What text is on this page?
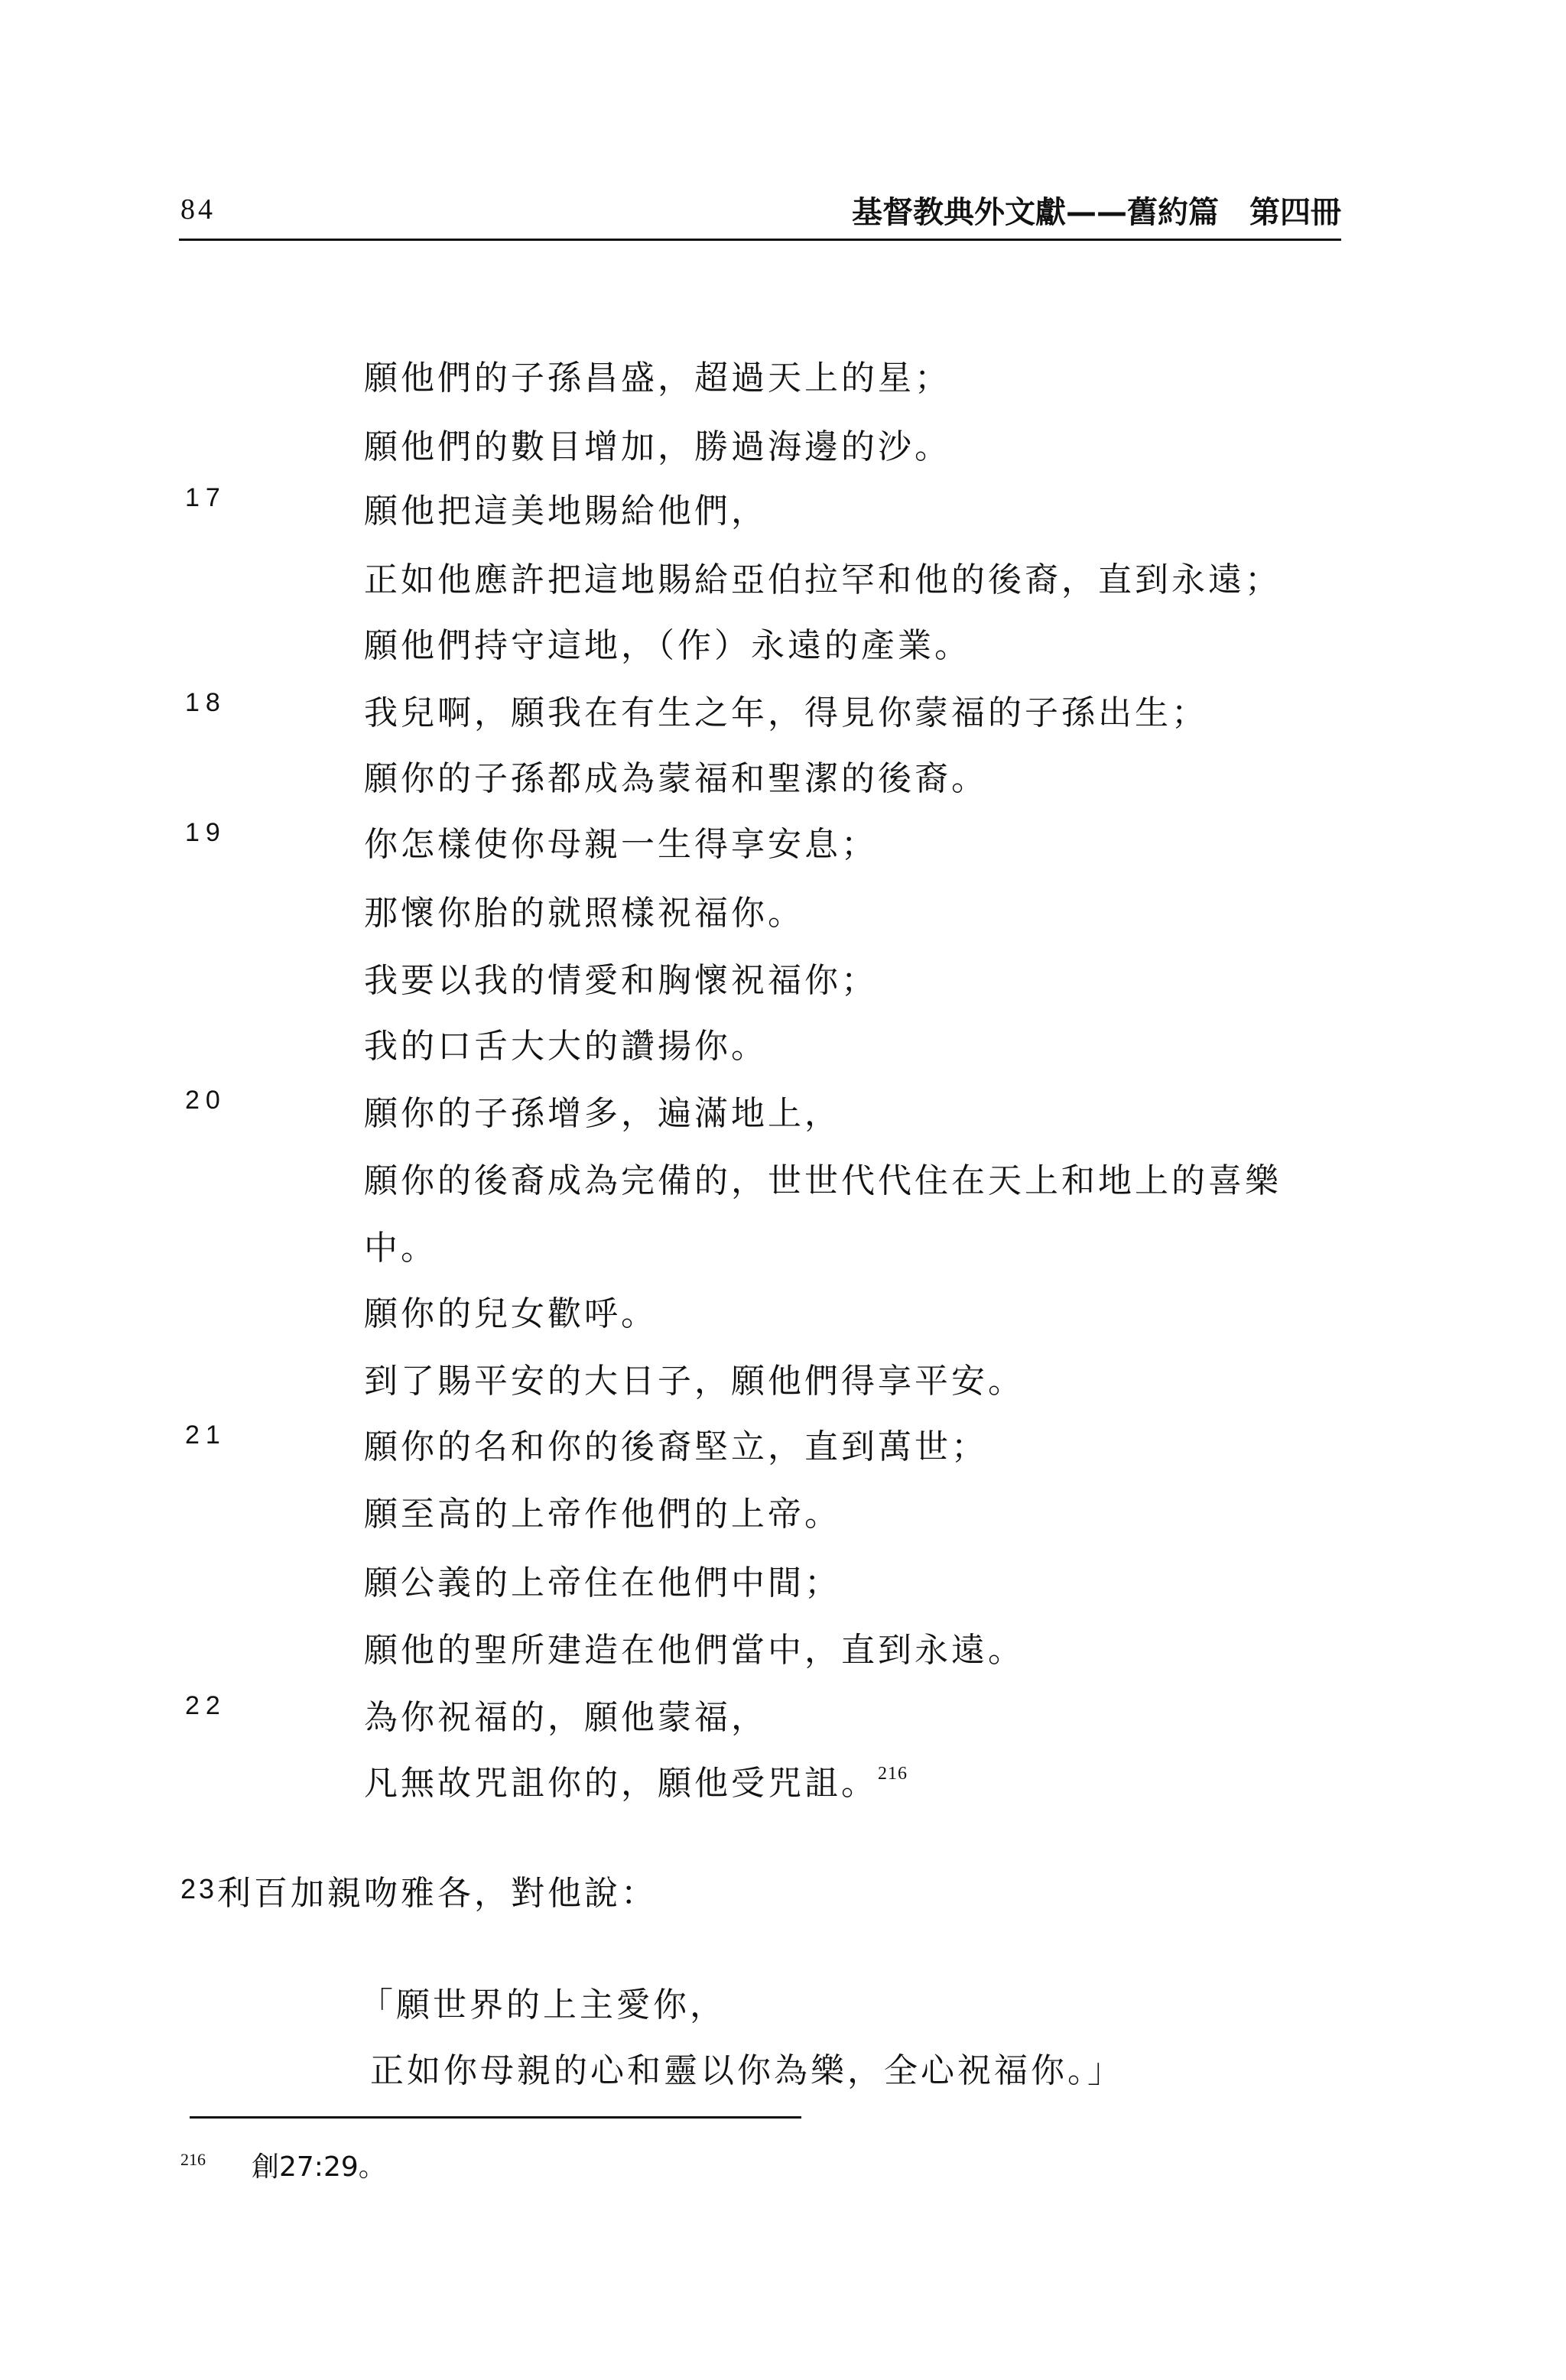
84	基督教典外文獻——舊約篇　第四冊
17
18
19
20
21
22
願他們的子孫昌盛，超過天上的星；
願他們的數目增加，勝過海邊的沙。
願他把這美地賜給他們，
正如他應許把這地賜給亞伯拉罕和他的後裔，直到永遠；
願他們持守這地，（作）永遠的產業。
我兒啊，願我在有生之年，得見你蒙福的子孫出生；
願你的子孫都成為蒙福和聖潔的後裔。
你怎樣使你母親一生得享安息；
那懷你胎的就照樣祝福你。
我要以我的情愛和胸懷祝福你；
我的口舌大大的讚揚你。
願你的子孫增多，遍滿地上，
願你的後裔成為完備的，世世代代住在天上和地上的喜樂
中。
願你的兒女歡呼。
到了賜平安的大日子，願他們得享平安。
願你的名和你的後裔堅立，直到萬世；
願至高的上帝作他們的上帝。
願公義的上帝住在他們中間；
願他的聖所建造在他們當中，直到永遠。
為你祝福的，願他蒙福，
凡無故咒詛你的，願他受咒詛。$^{216}$
23利百加親吻雅各，對他說：
「願世界的上主愛你，
正如你母親的心和靈以你為樂，全心祝福你。」
$^{216}$ 創27:29。
